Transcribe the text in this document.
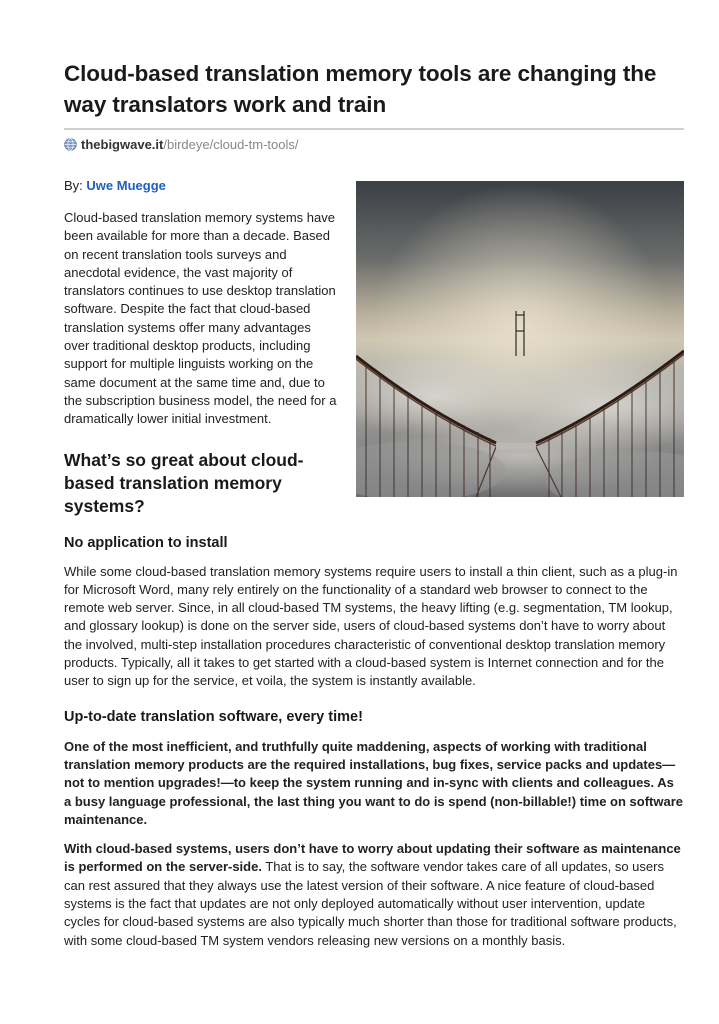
Cloud-based translation memory tools are changing the way translators work and train
thebigwave.it /birdeye/cloud-tm-tools/
By: Uwe Muegge

Cloud-based translation memory systems have been available for more than a decade. Based on recent translation tools surveys and anecdotal evidence, the vast majority of translators continues to use desktop translation software. Despite the fact that cloud-based translation systems offer many advantages over traditional desktop products, including support for multiple linguists working on the same document at the same time and, due to the subscription business model, the need for a dramatically lower initial investment.

What’s so great about cloud-based translation memory systems?
No application to install

While some cloud-based translation memory systems require users to install a thin client, such as a plug-in for Microsoft Word, many rely entirely on the functionality of a standard web browser to connect to the remote web server. Since, in all cloud-based TM systems, the heavy lifting (e.g. segmentation, TM lookup, and glossary lookup) is done on the server side, users of cloud-based systems don’t have to worry about the involved, multi-step installation procedures characteristic of conventional desktop translation memory products. Typically, all it takes to get started with a cloud-based system is Internet connection and for the user to sign up for the service, et voila, the system is instantly available.

Up-to-date translation software, every time!

One of the most inefficient, and truthfully quite maddening, aspects of working with traditional translation memory products are the required installations, bug fixes, service packs and updates—not to mention upgrades!—to keep the system running and in-sync with clients and colleagues. As a busy language professional, the last thing you want to do is spend (non-billable!) time on software maintenance.

With cloud-based systems, users don’t have to worry about updating their software as maintenance is performed on the server-side. That is to say, the software vendor takes care of all updates, so users can rest assured that they always use the latest version of their software. A nice feature of cloud-based systems is the fact that updates are not only deployed automatically without user intervention, update cycles for cloud-based systems are also typically much shorter than those for traditional software products, with some cloud-based TM system vendors releasing new versions on a monthly basis.
